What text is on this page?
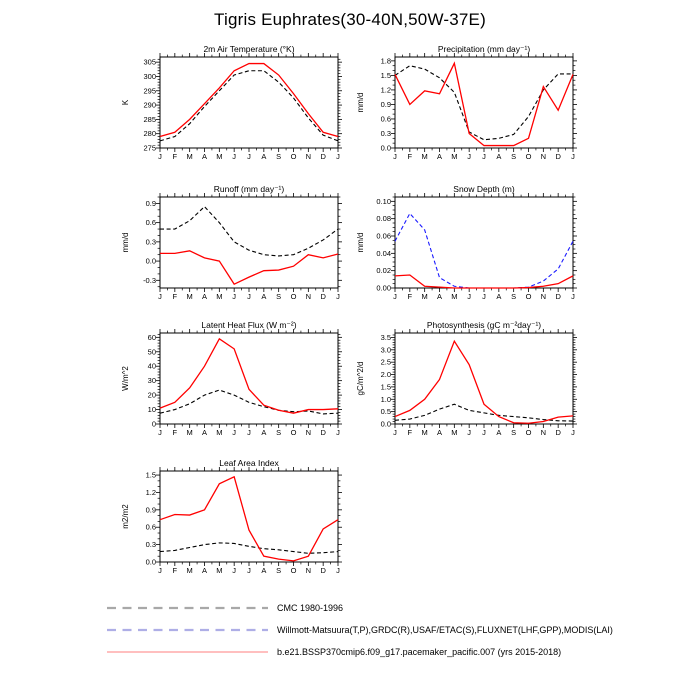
Tigris Euphrates(30-40N,50W-37E)
2m Air Temperature (°K)
K
J F M A M J J A S O N D J
275
280
285
290
295
300
305
Precipitation (mm day⁻¹)
mm/d
J F M A M J J A S O N D J
0.0
0.3
0.6
0.9
1.2
1.5
1.8
Runoff (mm day⁻¹)
mm/d
J F M A M J J A S O N D J
-0.3
0.0
0.3
0.6
0.9
Snow Depth (m)
mm/d
J F M A M J J A S O N D J
0.00
0.02
0.04
0.06
0.08
0.10
Latent Heat Flux (W m⁻²)
W/m^2
J F M A M J J A S O N D J
0
10
20
30
40
50
60
Photosynthesis (gC m⁻²day⁻¹)
gC/m^2/d
J F M A M J J A S O N D J
0.0
0.5
1.0
1.5
2.0
2.5
3.0
3.5
Leaf Area Index
m2/m2
J F M A M J J A S O N D J
0.0
0.3
0.6
0.9
1.2
1.5
CMC 1980-1996
Willmott-Matsuura(T,P),GRDC(R),USAF/ETAC(S),FLUXNET(LHF,GPP),MODIS(LAI)
b.e21.BSSP370cmip6.f09_g17.pacemaker_pacific.007 (yrs 2015-2018)
